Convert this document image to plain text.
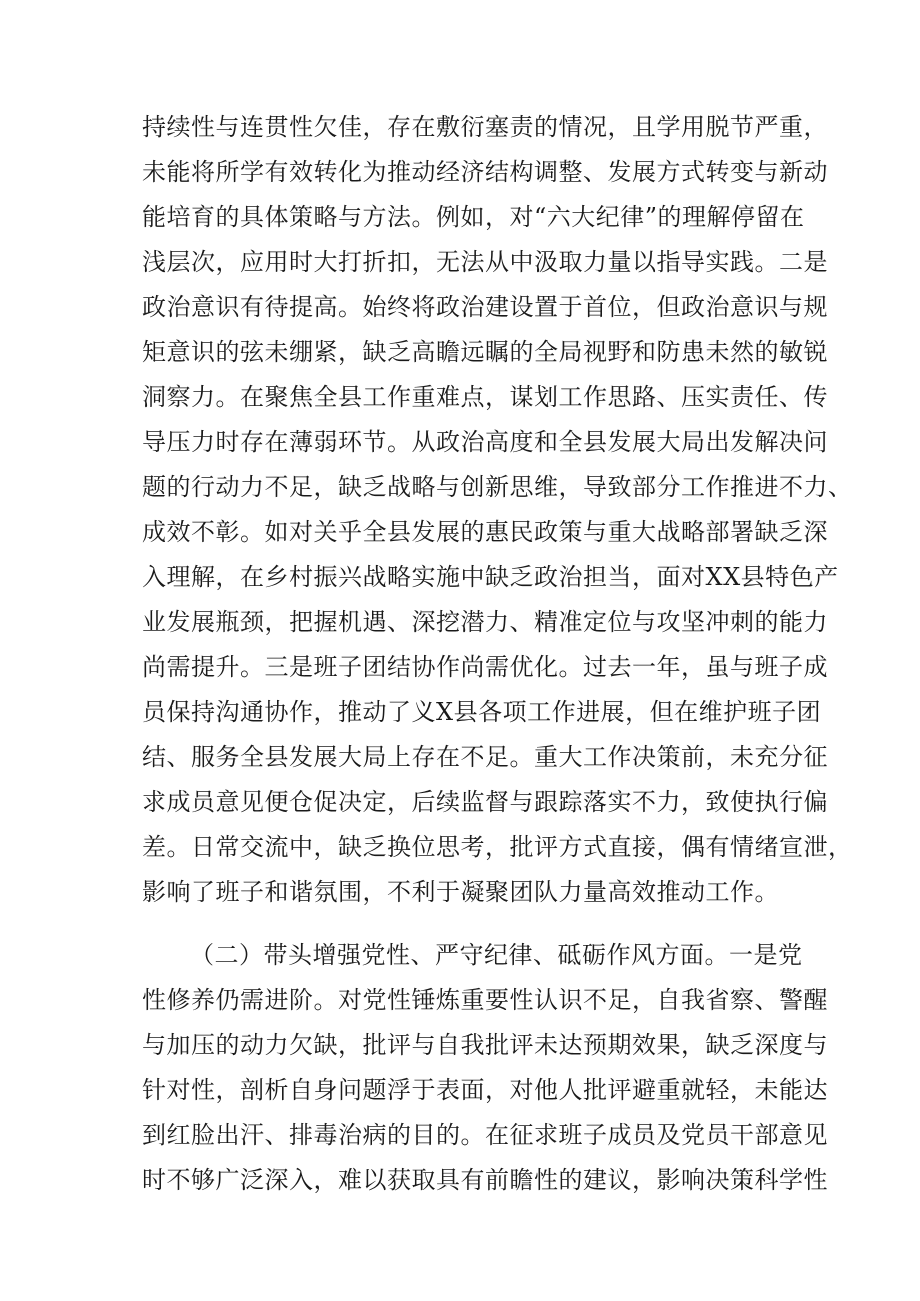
持续性与连贯性欠佳，存在敷衍塞责的情况，且学用脱节严重，
未能将所学有效转化为推动经济结构调整、发展方式转变与新动
能培育的具体策略与方法。例如，对“六大纪律”的理解停留在
浅层次，应用时大打折扣，无法从中汲取力量以指导实践。二是
政治意识有待提高。始终将政治建设置于首位，但政治意识与规
矩意识的弦未绷紧，缺乏高瞻远瞩的全局视野和防患未然的敏锐
洞察力。在聚焦全县工作重难点，谋划工作思路、压实责任、传
导压力时存在薄弱环节。从政治高度和全县发展大局出发解决问
题的行动力不足，缺乏战略与创新思维，导致部分工作推进不力、
成效不彰。如对关乎全县发展的惠民政策与重大战略部署缺乏深
入理解，在乡村振兴战略实施中缺乏政治担当，面对XX县特色产
业发展瓶颈，把握机遇、深挖潜力、精准定位与攻坚冲刺的能力
尚需提升。三是班子团结协作尚需优化。过去一年，虽与班子成
员保持沟通协作，推动了义X县各项工作进展，但在维护班子团
结、服务全县发展大局上存在不足。重大工作决策前，未充分征
求成员意见便仓促决定，后续监督与跟踪落实不力，致使执行偏
差。日常交流中，缺乏换位思考，批评方式直接，偶有情绪宣泄，
影响了班子和谐氛围，不利于凝聚团队力量高效推动工作。
（二）带头增强党性、严守纪律、砥砺作风方面。一是党
性修养仍需进阶。对党性锤炼重要性认识不足，自我省察、警醒
与加压的动力欠缺，批评与自我批评未达预期效果，缺乏深度与
针对性，剖析自身问题浮于表面，对他人批评避重就轻，未能达
到红脸出汗、排毒治病的目的。在征求班子成员及党员干部意见
时不够广泛深入，难以获取具有前瞻性的建议，影响决策科学性
